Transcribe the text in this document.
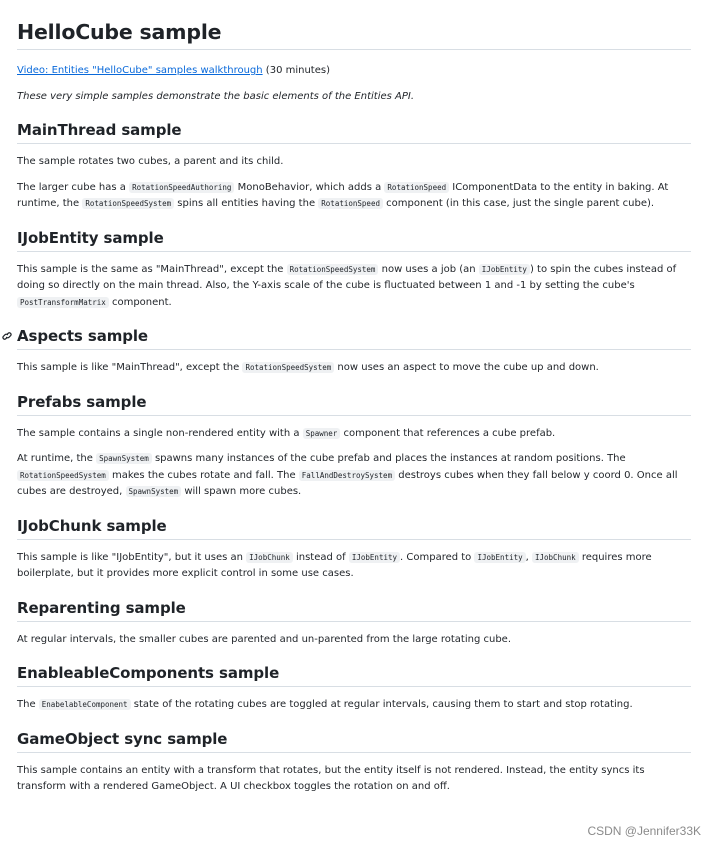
HelloCube sample

Video: Entities "HelloCube" samples walkthrough (30 minutes)

These very simple samples demonstrate the basic elements of the Entities API.

MainThread sample

The sample rotates two cubes, a parent and its child.

The larger cube has a RotationSpeedAuthoring MonoBehavior, which adds a RotationSpeed IComponentData to the entity in baking. At runtime, the RotationSpeedSystem spins all entities having the RotationSpeed component (in this case, just the single parent cube).

IJobEntity sample

This sample is the same as "MainThread", except the RotationSpeedSystem now uses a job (an IJobEntity ) to spin the cubes instead of doing so directly on the main thread. Also, the Y-axis scale of the cube is fluctuated between 1 and -1 by setting the cube's PostTransformMatrix component.

Aspects sample

This sample is like "MainThread", except the RotationSpeedSystem now uses an aspect to move the cube up and down.

Prefabs sample

The sample contains a single non-rendered entity with a Spawner component that references a cube prefab.

At runtime, the SpawnSystem spawns many instances of the cube prefab and places the instances at random positions. The RotationSpeedSystem makes the cubes rotate and fall. The FallAndDestroySystem destroys cubes when they fall below y coord 0. Once all cubes are destroyed, SpawnSystem will spawn more cubes.

IJobChunk sample

This sample is like "IJobEntity", but it uses an IJobChunk instead of IJobEntity . Compared to IJobEntity , IJobChunk requires more boilerplate, but it provides more explicit control in some use cases.

Reparenting sample

At regular intervals, the smaller cubes are parented and un-parented from the large rotating cube.

EnableableComponents sample

The EnabelableComponent state of the rotating cubes are toggled at regular intervals, causing them to start and stop rotating.

GameObject sync sample

This sample contains an entity with a transform that rotates, but the entity itself is not rendered. Instead, the entity syncs its transform with a rendered GameObject. A UI checkbox toggles the rotation on and off.

CSDN @Jennifer33K
